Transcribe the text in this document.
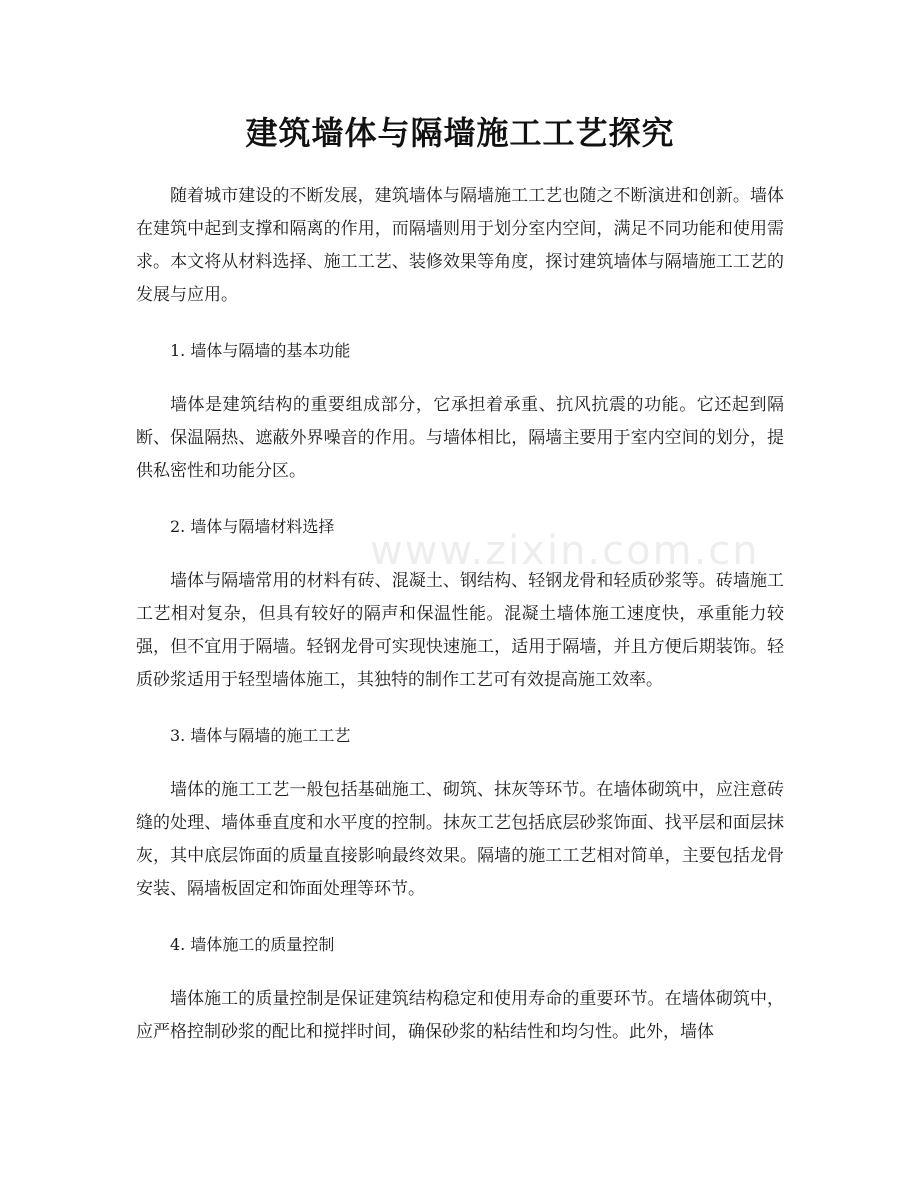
建筑墙体与隔墙施工工艺探究

随着城市建设的不断发展，建筑墙体与隔墙施工工艺也随之不断演进和创新。墙体在建筑中起到支撑和隔离的作用，而隔墙则用于划分室内空间，满足不同功能和使用需求。本文将从材料选择、施工工艺、装修效果等角度，探讨建筑墙体与隔墙施工工艺的发展与应用。

1. 墙体与隔墙的基本功能

墙体是建筑结构的重要组成部分，它承担着承重、抗风抗震的功能。它还起到隔断、保温隔热、遮蔽外界噪音的作用。与墙体相比，隔墙主要用于室内空间的划分，提供私密性和功能分区。

2. 墙体与隔墙材料选择

墙体与隔墙常用的材料有砖、混凝土、钢结构、轻钢龙骨和轻质砂浆等。砖墙施工工艺相对复杂，但具有较好的隔声和保温性能。混凝土墙体施工速度快，承重能力较强，但不宜用于隔墙。轻钢龙骨可实现快速施工，适用于隔墙，并且方便后期装饰。轻质砂浆适用于轻型墙体施工，其独特的制作工艺可有效提高施工效率。

3. 墙体与隔墙的施工工艺

墙体的施工工艺一般包括基础施工、砌筑、抹灰等环节。在墙体砌筑中，应注意砖缝的处理、墙体垂直度和水平度的控制。抹灰工艺包括底层砂浆饰面、找平层和面层抹灰，其中底层饰面的质量直接影响最终效果。隔墙的施工工艺相对简单，主要包括龙骨安装、隔墙板固定和饰面处理等环节。

4. 墙体施工的质量控制

墙体施工的质量控制是保证建筑结构稳定和使用寿命的重要环节。在墙体砌筑中，应严格控制砂浆的配比和搅拌时间，确保砂浆的粘结性和均匀性。此外，墙体

www.zixin.com.cn
